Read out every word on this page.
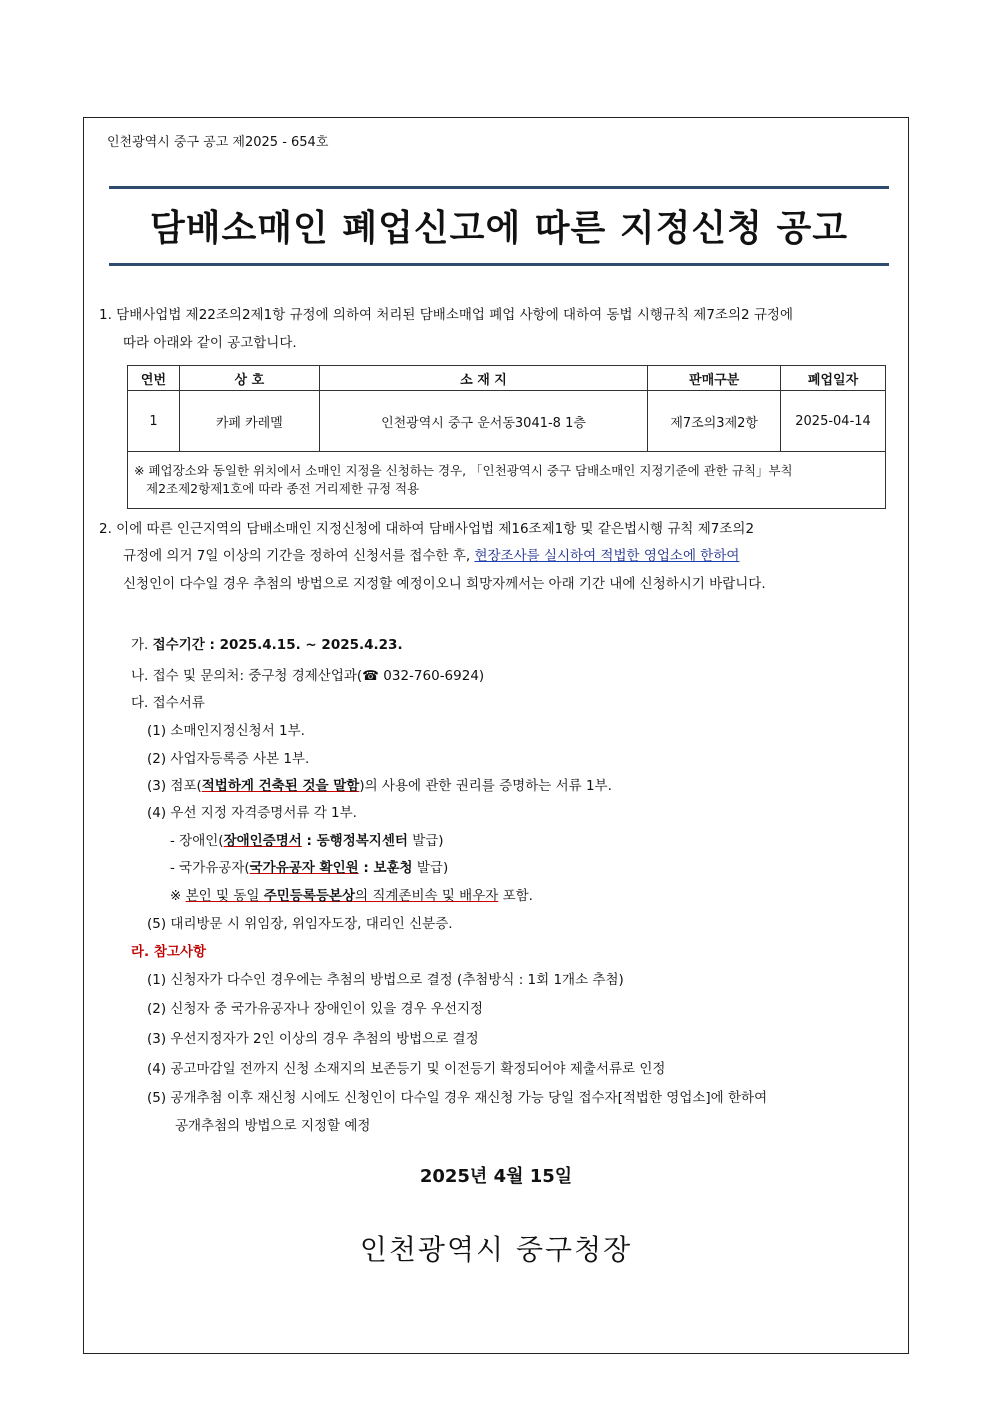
인천광역시 중구 공고 제2025 - 654호
담배소매인 폐업신고에 따른 지정신청 공고
1. 담배사업법 제22조의2제1항 규정에 의하여 처리된 담배소매업 폐업 사항에 대하여 동법 시행규칙 제7조의2 규정에
따라 아래와 같이 공고합니다.
연번	상 호	소 재 지	판매구분	폐업일자
1	카페 카레멜	인천광역시 중구 운서동3041-8 1층	제7조의3제2항	2025-04-14

※ 폐업장소와 동일한 위치에서 소매인 지정을 신청하는 경우, 「인천광역시 중구 담배소매인 지정기준에 관한 규칙」부칙
제2조제2항제1호에 따라 종전 거리제한 규정 적용				
2. 이에 따른 인근지역의 담배소매인 지정신청에 대하여 담배사업법 제16조제1항 및 같은법시행 규칙 제7조의2
규정에 의거 7일 이상의 기간을 정하여 신청서를 접수한 후, 현장조사를 실시하여 적법한 영업소에 한하여
신청인이 다수일 경우 추첨의 방법으로 지정할 예정이오니 희망자께서는 아래 기간 내에 신청하시기 바랍니다.
가. 접수기간 : 2025.4.15. ~ 2025.4.23.
나. 접수 및 문의처: 중구청 경제산업과(☎ 032-760-6924)
다. 접수서류
(1) 소매인지정신청서 1부.
(2) 사업자등록증 사본 1부.
(3) 점포(적법하게 건축된 것을 말함)의 사용에 관한 권리를 증명하는 서류 1부.
(4) 우선 지정 자격증명서류 각 1부.
- 장애인(장애인증명서 : 동행정복지센터 발급)
- 국가유공자(국가유공자 확인원 : 보훈청 발급)
※ 본인 및 동일 주민등록등본상의 직계존비속 및 배우자 포함.
(5) 대리방문 시 위임장, 위임자도장, 대리인 신분증.
라. 참고사항
(1) 신청자가 다수인 경우에는 추첨의 방법으로 결정 (추첨방식 : 1회 1개소 추첨)
(2) 신청자 중 국가유공자나 장애인이 있을 경우 우선지정
(3) 우선지정자가 2인 이상의 경우 추첨의 방법으로 결정
(4) 공고마감일 전까지 신청 소재지의 보존등기 및 이전등기 확정되어야 제출서류로 인정
(5) 공개추첨 이후 재신청 시에도 신청인이 다수일 경우 재신청 가능 당일 접수자[적법한 영업소]에 한하여
공개추첨의 방법으로 지정할 예정
2025년 4월 15일
인천광역시 중구청장
